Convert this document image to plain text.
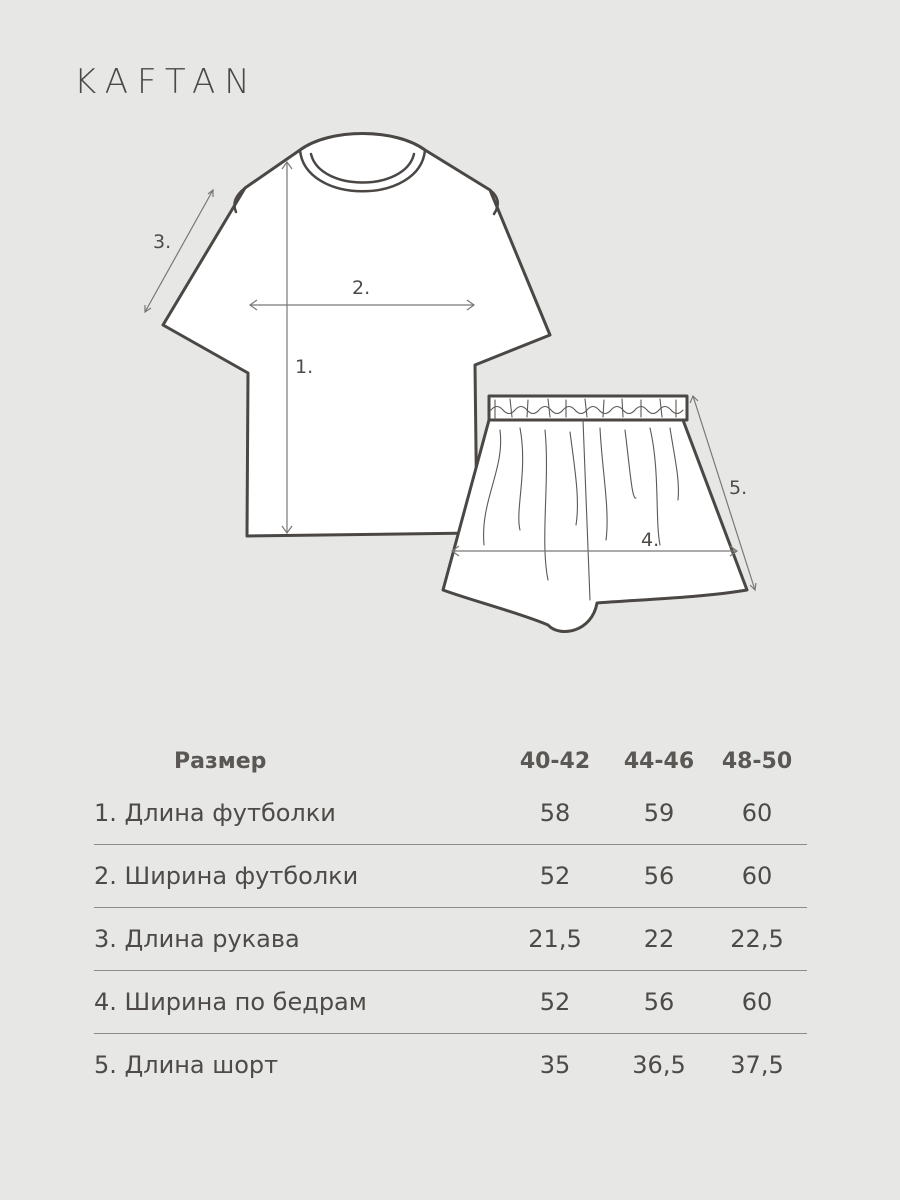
KAFTAN
1.
2.
3.
4.
5.
Размер	40-42	44-46	48-50
1. Длина футболки	58	59	60
2. Ширина футболки	52	56	60
3. Длина рукава	21,5	22	22,5
4. Ширина по бедрам	52	56	60
5. Длина шорт	35	36,5	37,5
